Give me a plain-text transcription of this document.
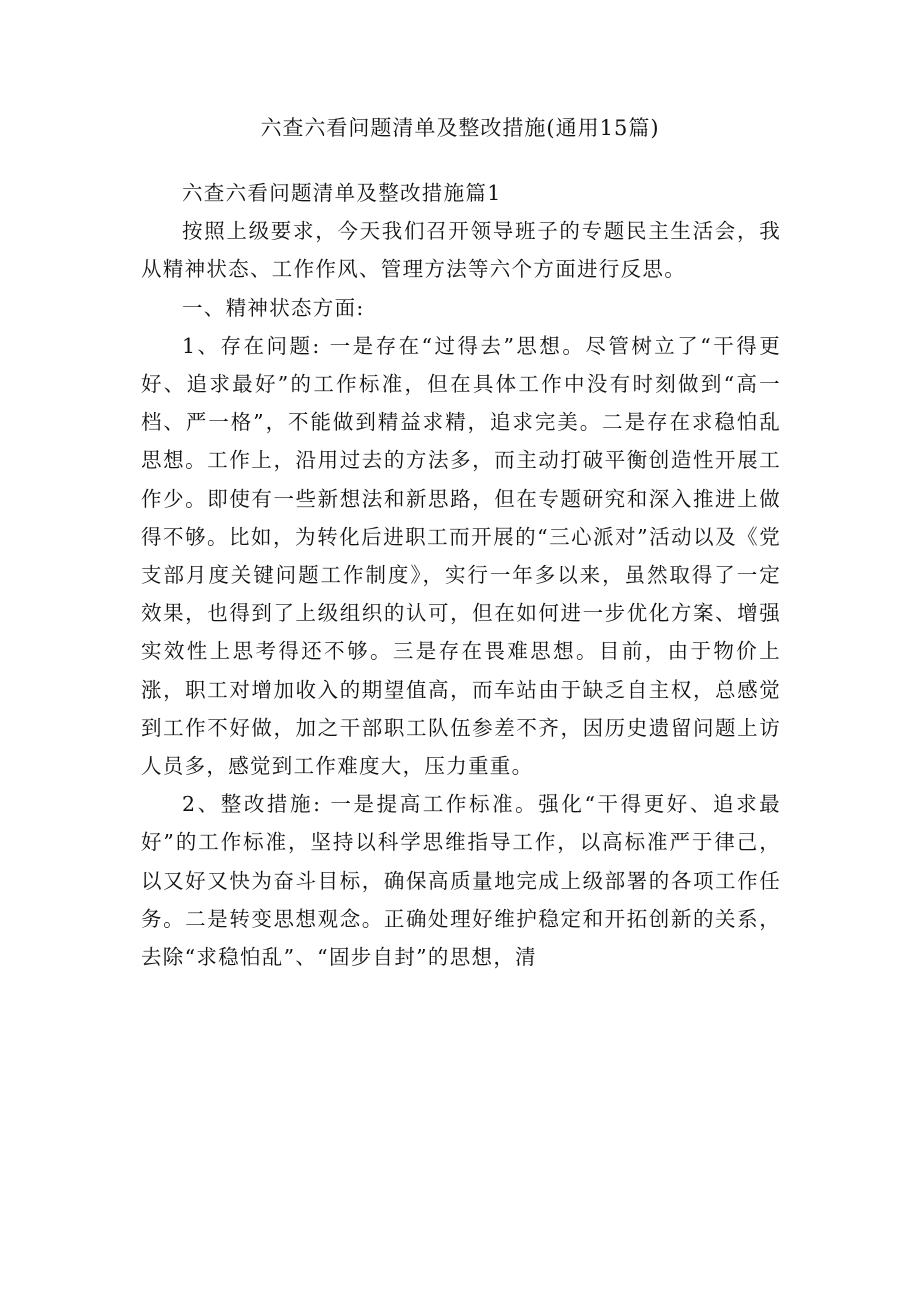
六查六看问题清单及整改措施(通用15篇)

六查六看问题清单及整改措施篇1

按照上级要求，今天我们召开领导班子的专题民主生活会，我从精神状态、工作作风、管理方法等六个方面进行反思。

一、精神状态方面:

1、存在问题: 一是存在“过得去”思想。尽管树立了“干得更好、追求最好”的工作标准，但在具体工作中没有时刻做到“高一档、严一格”，不能做到精益求精，追求完美。二是存在求稳怕乱思想。工作上，沿用过去的方法多，而主动打破平衡创造性开展工作少。即使有一些新想法和新思路，但在专题研究和深入推进上做得不够。比如，为转化后进职工而开展的“三心派对”活动以及《党支部月度关键问题工作制度》，实行一年多以来，虽然取得了一定效果，也得到了上级组织的认可，但在如何进一步优化方案、增强实效性上思考得还不够。三是存在畏难思想。目前，由于物价上涨，职工对增加收入的期望值高，而车站由于缺乏自主权，总感觉到工作不好做，加之干部职工队伍参差不齐，因历史遗留问题上访人员多，感觉到工作难度大，压力重重。

2、整改措施: 一是提高工作标准。强化“干得更好、追求最好”的工作标准，坚持以科学思维指导工作，以高标准严于律己，以又好又快为奋斗目标，确保高质量地完成上级部署的各项工作任务。二是转变思想观念。正确处理好维护稳定和开拓创新的关系，去除“求稳怕乱”、“固步自封”的思想，清
